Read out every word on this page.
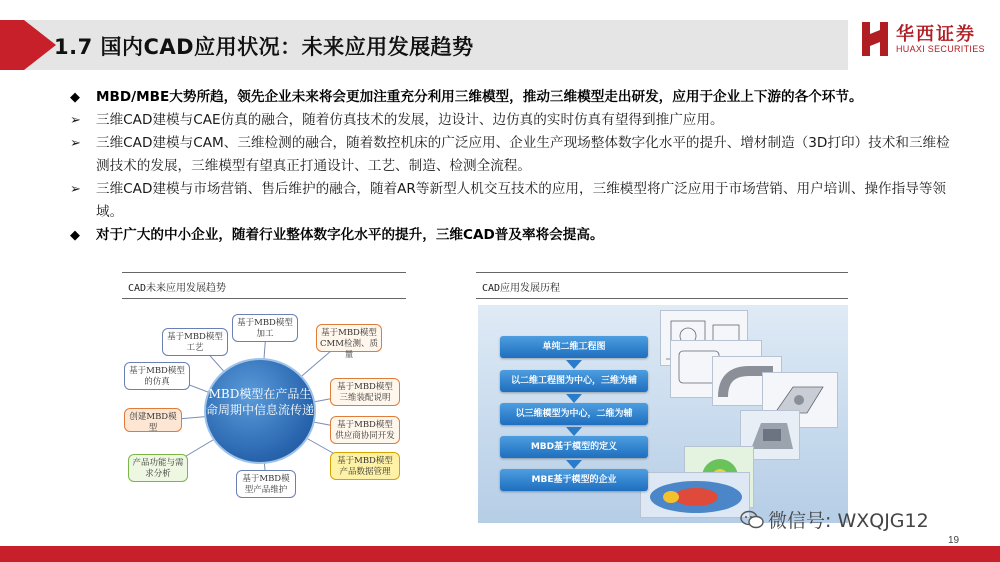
1.7 国内CAD应用状况：未来应用发展趋势
华西证券
HUAXI SECURITIES
◆ MBD/MBE大势所趋，领先企业未来将会更加注重充分利用三维模型，推动三维模型走出研发，应用于企业上下游的各个环节。
➢ 三维CAD建模与CAE仿真的融合，随着仿真技术的发展，边设计、边仿真的实时仿真有望得到推广应用。
➢ 三维CAD建模与CAM、三维检测的融合，随着数控机床的广泛应用、企业生产现场整体数字化水平的提升、增材制造（3D打印）技术和三维检测技术的发展，三维模型有望真正打通设计、工艺、制造、检测全流程。
➢ 三维CAD建模与市场营销、售后维护的融合，随着AR等新型人机交互技术的应用，三维模型将广泛应用于市场营销、用户培训、操作指导等领域。
◆ 对于广大的中小企业，随着行业整体数字化水平的提升，三维CAD普及率将会提高。
CAD未来应用发展趋势
MBD模型在产品生命周期中信息流传递
基于MBD模型加工	基于MBD模型CMM检测、质量
基于MBD模型工艺
基于MBD模型的仿真	基于MBD模型三维装配说明
创建MBD模型	基于MBD模型供应商协同开发
产品功能与需求分析
基于MBD模型产品数据管理
基于MBD模型产品维护
CAD应用发展历程
单纯二维工程图
以二维工程图为中心，三维为辅
以三维模型为中心，二维为辅
MBD基于模型的定义
MBE基于模型的企业
微信号: WXQJG12
19
